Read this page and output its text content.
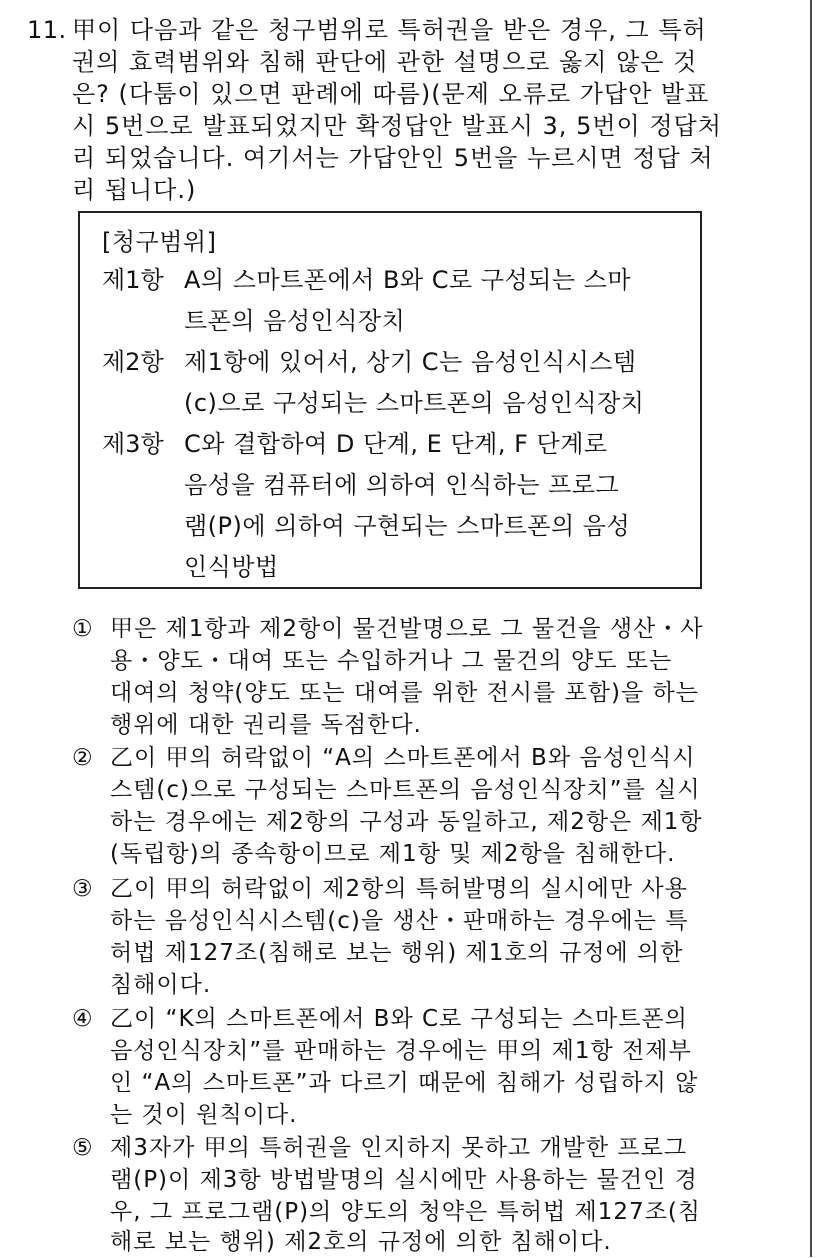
11. 甲이 다음과 같은 청구범위로 특허권을 받은 경우, 그 특허
권의 효력범위와 침해 판단에 관한 설명으로 옳지 않은 것
은? (다툼이 있으면 판례에 따름)(문제 오류로 가답안 발표
시 5번으로 발표되었지만 확정답안 발표시 3, 5번이 정답처
리 되었습니다. 여기서는 가답안인 5번을 누르시면 정답 처
리 됩니다.)
[청구범위]
제1항 A의 스마트폰에서 B와 C로 구성되는 스마
트폰의 음성인식장치
제2항 제1항에 있어서, 상기 C는 음성인식시스템
(c)으로 구성되는 스마트폰의 음성인식장치
제3항 C와 결합하여 D 단계, E 단계, F 단계로
음성을 컴퓨터에 의하여 인식하는 프로그
램(P)에 의하여 구현되는 스마트폰의 음성
인식방법
① 甲은 제1항과 제2항이 물건발명으로 그 물건을 생산・사
용・양도・대여 또는 수입하거나 그 물건의 양도 또는
대여의 청약(양도 또는 대여를 위한 전시를 포함)을 하는
행위에 대한 권리를 독점한다.
② 乙이 甲의 허락없이 “A의 스마트폰에서 B와 음성인식시
스템(c)으로 구성되는 스마트폰의 음성인식장치”를 실시
하는 경우에는 제2항의 구성과 동일하고, 제2항은 제1항
(독립항)의 종속항이므로 제1항 및 제2항을 침해한다.
③ 乙이 甲의 허락없이 제2항의 특허발명의 실시에만 사용
하는 음성인식시스템(c)을 생산・판매하는 경우에는 특
허법 제127조(침해로 보는 행위) 제1호의 규정에 의한
침해이다.
④ 乙이 “K의 스마트폰에서 B와 C로 구성되는 스마트폰의
음성인식장치”를 판매하는 경우에는 甲의 제1항 전제부
인 “A의 스마트폰”과 다르기 때문에 침해가 성립하지 않
는 것이 원칙이다.
⑤ 제3자가 甲의 특허권을 인지하지 못하고 개발한 프로그
램(P)이 제3항 방법발명의 실시에만 사용하는 물건인 경
우, 그 프로그램(P)의 양도의 청약은 특허법 제127조(침
해로 보는 행위) 제2호의 규정에 의한 침해이다.
